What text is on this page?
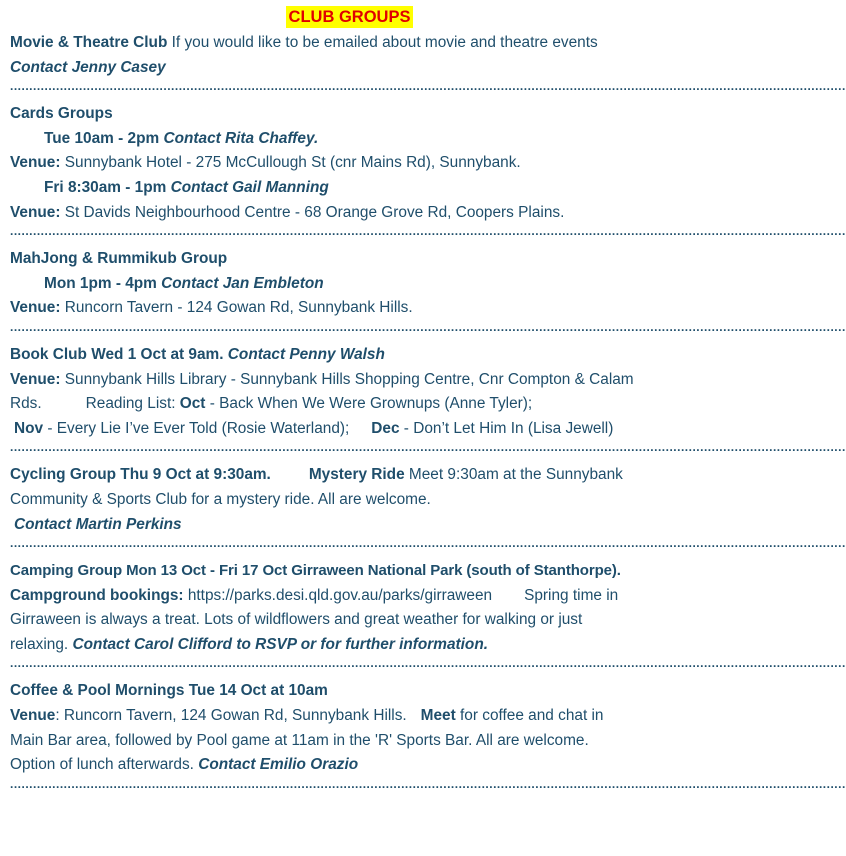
CLUB GROUPS
Movie & Theatre Club If you would like to be emailed about movie and theatre events
Contact Jenny Casey
..........................................................................................................................................................................................................................
Cards Groups
Tue 10am - 2pm Contact Rita Chaffey.
Venue: Sunnybank Hotel - 275 McCullough St (cnr Mains Rd), Sunnybank.
Fri 8:30am - 1pm Contact Gail Manning
Venue: St Davids Neighbourhood Centre - 68 Orange Grove Rd, Coopers Plains.
..........................................................................................................................................................................................................................
MahJong & Rummikub Group
Mon 1pm - 4pm Contact Jan Embleton
Venue: Runcorn Tavern - 124 Gowan Rd, Sunnybank Hills.
..........................................................................................................................................................................................................................
Book Club Wed 1 Oct at 9am. Contact Penny Walsh
Venue: Sunnybank Hills Library - Sunnybank Hills Shopping Centre, Cnr Compton & Calam
Rds.	Reading List: Oct - Back When We Were Grownups (Anne Tyler);
Nov - Every Lie I’ve Ever Told (Rosie Waterland); Dec - Don’t Let Him In (Lisa Jewell)
..........................................................................................................................................................................................................................
Cycling Group Thu 9 Oct at 9:30am. Mystery Ride Meet 9:30am at the Sunnybank
Community & Sports Club for a mystery ride. All are welcome.
Contact Martin Perkins
..........................................................................................................................................................................................................................
Camping Group Mon 13 Oct - Fri 17 Oct Girraween National Park (south of Stanthorpe).
Campground bookings: https://parks.desi.qld.gov.au/parks/girraween Spring time in
Girraween is always a treat. Lots of wildflowers and great weather for walking or just
relaxing. Contact Carol Clifford to RSVP or for further information.
..........................................................................................................................................................................................................................
Coffee & Pool Mornings Tue 14 Oct at 10am
Venue: Runcorn Tavern, 124 Gowan Rd, Sunnybank Hills. Meet for coffee and chat in
Main Bar area, followed by Pool game at 11am in the 'R' Sports Bar. All are welcome.
Option of lunch afterwards. Contact Emilio Orazio
..........................................................................................................................................................................................................................
